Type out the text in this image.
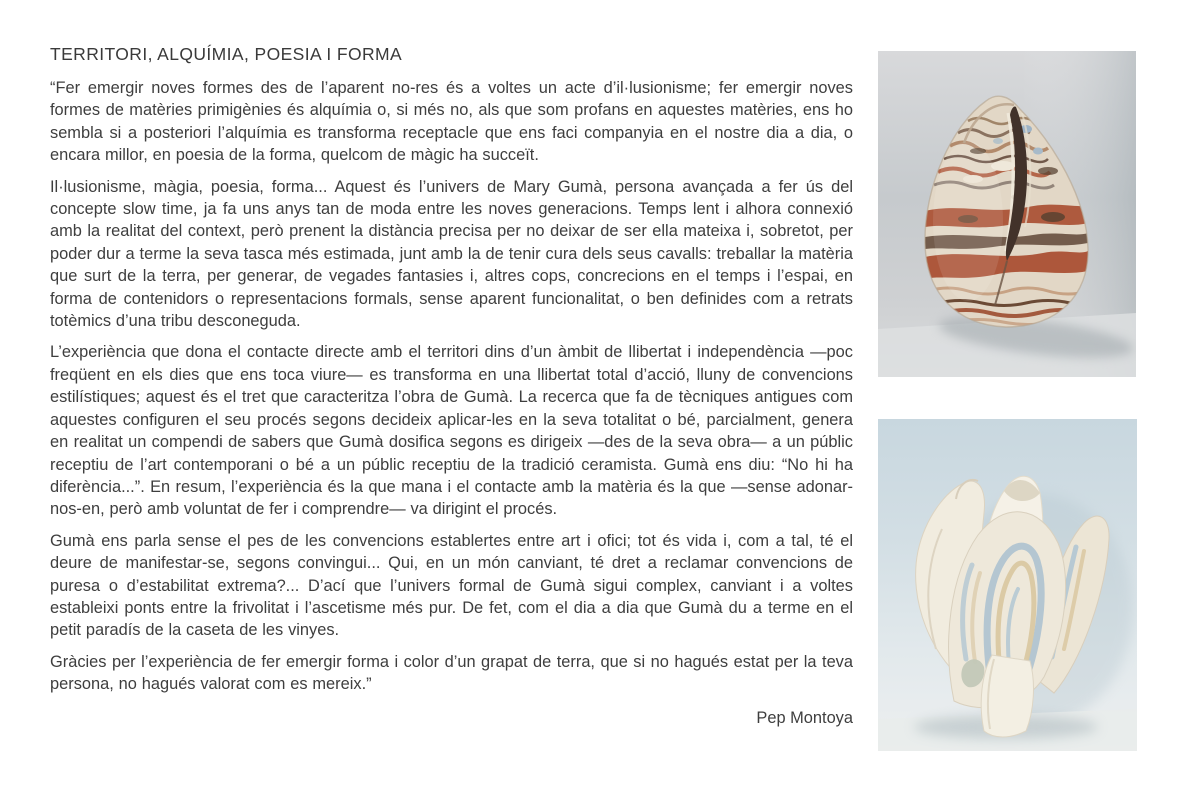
TERRITORI, ALQUÍMIA, POESIA I FORMA

“Fer emergir noves formes des de l’aparent no-res és a voltes un acte d’il·lusionisme; fer emergir noves formes de matèries primigènies és alquímia o, si més no, als que som profans en aquestes matèries, ens ho sembla si a posteriori l’alquímia es transforma receptacle que ens faci companyia en el nostre dia a dia, o encara millor, en poesia de la forma, quelcom de màgic ha succeït.

Il·lusionisme, màgia, poesia, forma... Aquest és l’univers de Mary Gumà, persona avançada a fer ús del concepte slow time, ja fa uns anys tan de moda entre les noves generacions. Temps lent i alhora connexió amb la realitat del context, però prenent la distància precisa per no deixar de ser ella mateixa i, sobretot, per poder dur a terme la seva tasca més estimada, junt amb la de tenir cura dels seus cavalls: treballar la matèria que surt de la terra, per generar, de vegades fantasies i, altres cops, concrecions en el temps i l’espai, en forma de contenidors o representacions formals, sense aparent funcionalitat, o ben definides com a retrats totèmics d’una tribu desconeguda.

L’experiència que dona el contacte directe amb el territori dins d’un àmbit de llibertat i independència —poc freqüent en els dies que ens toca viure— es transforma en una llibertat total d’acció, lluny de convencions estilístiques; aquest és el tret que caracteritza l’obra de Gumà. La recerca que fa de tècniques antigues com aquestes configuren el seu procés segons decideix aplicar-les en la seva totalitat o bé, parcialment, genera en realitat un compendi de sabers que Gumà dosifica segons es dirigeix —des de la seva obra— a un públic receptiu de l’art contemporani o bé a un públic receptiu de la tradició ceramista. Gumà ens diu: “No hi ha diferència...”. En resum, l’experiència és la que mana i el contacte amb la matèria és la que —sense adonar-nos-en, però amb voluntat de fer i comprendre— va dirigint el procés.

Gumà ens parla sense el pes de les convencions establertes entre art i ofici; tot és vida i, com a tal, té el deure de manifestar-se, segons convingui... Qui, en un món canviant, té dret a reclamar convencions de puresa o d’estabilitat extrema?... D’ací que l’univers formal de Gumà sigui complex, canviant i a voltes estableixi ponts entre la frivolitat i l’ascetisme més pur. De fet, com el dia a dia que Gumà du a terme en el petit paradís de la caseta de les vinyes.

Gràcies per l’experiència de fer emergir forma i color d’un grapat de terra, que si no hagués estat per la teva persona, no hagués valorat com es mereix.”

Pep Montoya
